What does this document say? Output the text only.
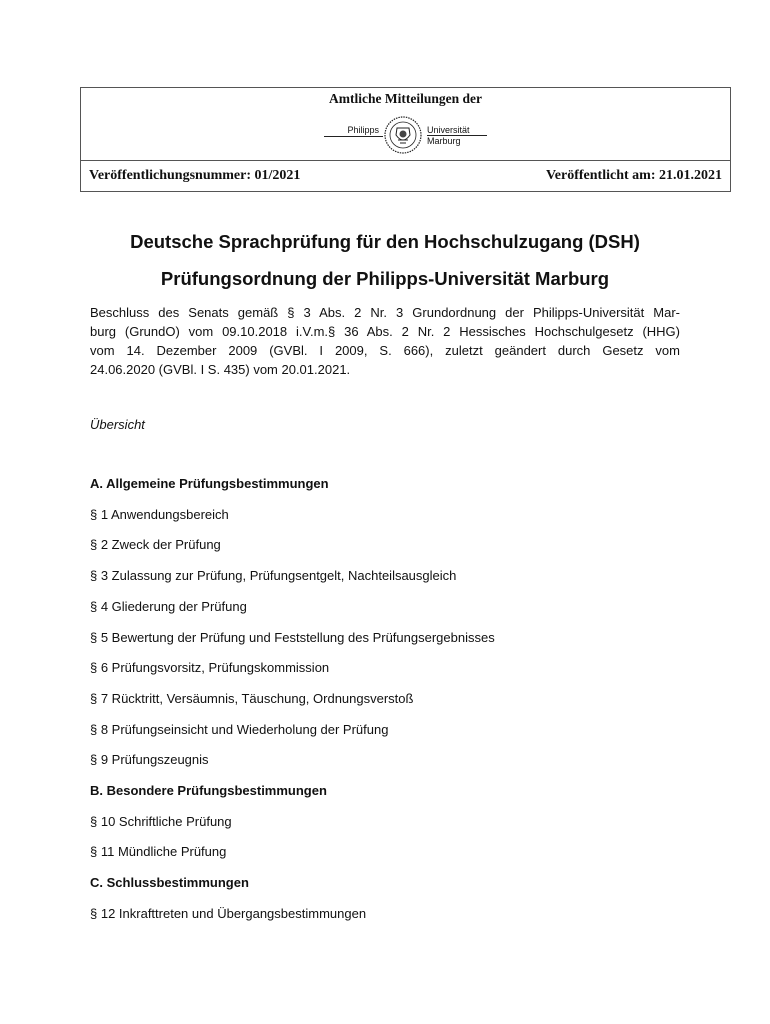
Amtliche Mitteilungen der
Philipps	Universität
Marburg
Veröffentlichungsnummer: 01/2021	Veröffentlicht am: 21.01.2021
Deutsche Sprachprüfung für den Hochschulzugang (DSH)
Prüfungsordnung der Philipps-Universität Marburg
Beschluss des Senats gemäß § 3 Abs. 2 Nr. 3 Grundordnung der Philipps-Universität Mar-
burg (GrundO) vom 09.10.2018 i.V.m.§ 36 Abs. 2 Nr. 2 Hessisches Hochschulgesetz (HHG)
vom 14. Dezember 2009 (GVBl. I 2009, S. 666), zuletzt geändert durch Gesetz vom
24.06.2020 (GVBl. I S. 435) vom 20.01.2021.
Übersicht
A. Allgemeine Prüfungsbestimmungen
§ 1 Anwendungsbereich
§ 2 Zweck der Prüfung
§ 3 Zulassung zur Prüfung, Prüfungsentgelt, Nachteilsausgleich
§ 4 Gliederung der Prüfung
§ 5 Bewertung der Prüfung und Feststellung des Prüfungsergebnisses
§ 6 Prüfungsvorsitz, Prüfungskommission
§ 7 Rücktritt, Versäumnis, Täuschung, Ordnungsverstoß
§ 8 Prüfungseinsicht und Wiederholung der Prüfung
§ 9 Prüfungszeugnis
B. Besondere Prüfungsbestimmungen
§ 10 Schriftliche Prüfung
§ 11 Mündliche Prüfung
C. Schlussbestimmungen
§ 12 Inkrafttreten und Übergangsbestimmungen
